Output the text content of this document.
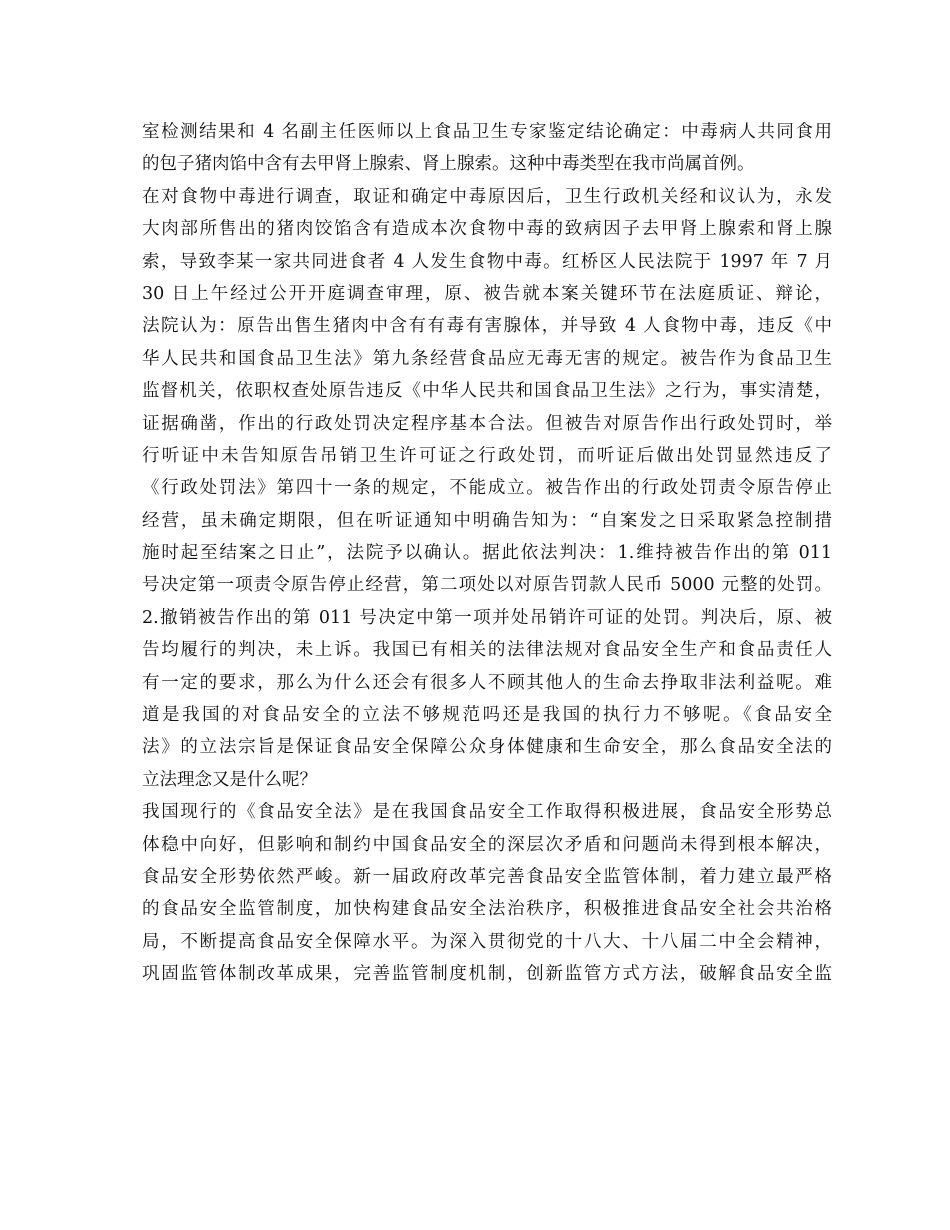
室检测结果和 4 名副主任医师以上食品卫生专家鉴定结论确定：中毒病人共同食用
的包子猪肉馅中含有去甲肾上腺索、肾上腺索。这种中毒类型在我市尚属首例。
在对食物中毒进行调查，取证和确定中毒原因后，卫生行政机关经和议认为，永发
大肉部所售出的猪肉饺馅含有造成本次食物中毒的致病因子去甲肾上腺索和肾上腺
索，导致李某一家共同进食者 4 人发生食物中毒。红桥区人民法院于 1997 年 7 月
30 日上午经过公开开庭调查审理，原、被告就本案关键环节在法庭质证、辩论，
法院认为：原告出售生猪肉中含有有毒有害腺体，并导致 4 人食物中毒，违反《中
华人民共和国食品卫生法》第九条经营食品应无毒无害的规定。被告作为食品卫生
监督机关，依职权查处原告违反《中华人民共和国食品卫生法》之行为，事实清楚，
证据确凿，作出的行政处罚决定程序基本合法。但被告对原告作出行政处罚时，举
行听证中未告知原告吊销卫生许可证之行政处罚，而听证后做出处罚显然违反了
《行政处罚法》第四十一条的规定，不能成立。被告作出的行政处罚责令原告停止
经营，虽未确定期限，但在听证通知中明确告知为：“自案发之日采取紧急控制措
施时起至结案之日止”，法院予以确认。据此依法判决：1.维持被告作出的第 011
号决定第一项责令原告停止经营，第二项处以对原告罚款人民币 5000 元整的处罚。
2.撤销被告作出的第 011 号决定中第一项并处吊销许可证的处罚。判决后，原、被
告均履行的判决，未上诉。我国已有相关的法律法规对食品安全生产和食品责任人
有一定的要求，那么为什么还会有很多人不顾其他人的生命去挣取非法利益呢。难
道是我国的对食品安全的立法不够规范吗还是我国的执行力不够呢。《食品安全
法》的立法宗旨是保证食品安全保障公众身体健康和生命安全，那么食品安全法的
立法理念又是什么呢？
我国现行的《食品安全法》是在我国食品安全工作取得积极进展，食品安全形势总
体稳中向好，但影响和制约中国食品安全的深层次矛盾和问题尚未得到根本解决，
食品安全形势依然严峻。新一届政府改革完善食品安全监管体制，着力建立最严格
的食品安全监管制度，加快构建食品安全法治秩序，积极推进食品安全社会共治格
局，不断提高食品安全保障水平。为深入贯彻党的十八大、十八届二中全会精神，
巩固监管体制改革成果，完善监管制度机制，创新监管方式方法，破解食品安全监
